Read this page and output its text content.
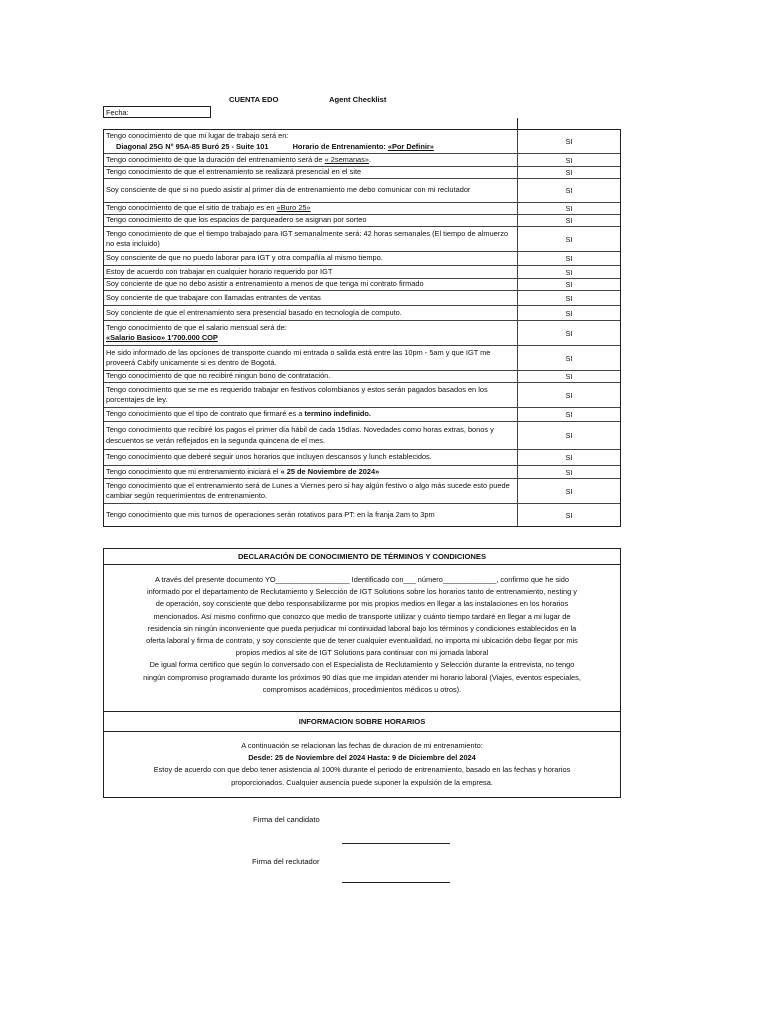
CUENTA EDO	Agent Checklist
Fecha:
Tengo conocimiento de que mi lugar de trabajo será en:
Diagonal 25G N° 95A-85 Buró 25 - Suite 101	Horario de Entrenamiento: «Por Definir»	SI
Tengo conocimiento de que la duración del entrenamiento será de « 2semanas».	SI
Tengo conocimiento de que el entrenamiento se realizará presencial en el site	SI
Soy consciente de que si no puedo asistir al primer dia de entrenamiento me debo comunicar con mi reclutador	SI
Tengo conocimiento de que el sitio de trabajo es en «Buro 25»	SI
Tengo conocimiento de que los espacios de parqueadero se asignan por sorteo	SI
Tengo conocimiento de que el tiempo trabajado para IGT semanalmente será: 42 horas semanales (El tiempo de almuerzo no esta incluido)	SI
Soy consciente de que no puedo laborar para IGT y otra compañía al mismo tiempo.	SI
Estoy de acuerdo con trabajar en cualquier horario requerido por IGT	SI
Soy conciente de que no debo asistir a entrenamiento a menos de que tenga mi contrato firmado	SI
Soy conciente de que trabajare con llamadas entrantes de ventas	SI
Soy conciente de que el entrenamiento sera presencial basado en tecnología de computo.	SI
Tengo conocimiento de que el salario mensual será de:
«Salario Basico» 1'700.000 COP	SI
He sido informado de las opciones de transporte cuando mi entrada o salida está entre las 10pm - 5am y que IGT me proveerá Cabify unicamente si es dentro de Bogotá.	SI
Tengo conocimiento de que no recibiré ningun bono de contratación.	SI
Tengo conocimiento que se me es requerido trabajar en festivos colombianos y estos serán pagados basados en los porcentajes de ley.	SI
Tengo conocimiento que el tipo de contrato que firmaré es a termino indefinido.	SI
Tengo conocimiento que recibiré los pagos el primer día hábil de cada 15días. Novedades como horas extras, bonos y descuentos se verán reflejados en la segunda quincena de el mes.	SI
Tengo conocimiento que deberé seguir unos horarios que incluyen descansos y lunch establecidos.	SI
Tengo conocimiento que mi entrenamiento iniciará el « 25 de Noviembre de 2024»	SI
Tengo conocimiento que el entrenamiento será de Lunes a Viernes pero si hay algún festivo o algo más sucede esto puede cambiar según requerimientos de entrenamiento.	SI
Tengo conocimiento que mis turnos de operaciones serán rotativos para PT: en la franja 2am to 3pm	SI
DECLARACIÓN DE CONOCIMIENTO DE TÉRMINOS Y CONDICIONES
A través del presente documento YO__________________ Identificado con___ número_____________, confirmo que he sido
informado por el departamento de Reclutamiento y Selección de IGT Solutions sobre los horarios tanto de entrenamiento, nesting y
de operación, soy consciente que debo responsabilizarme por mis propios medios en llegar a las instalaciones en los horarios
mencionados. Así mismo confirmo que conozco que medio de transporte utilizar y cuánto tiempo tardaré en llegar a mi lugar de
residencia sin ningún inconveniente que pueda perjudicar mi continuidad laboral bajo los términos y condiciones establecidos en la
oferta laboral y firma de contrato, y soy consciente que de tener cualquier eventualidad, no importa mi ubicación debo llegar por mis
propios medios al site de IGT Solutions para continuar con mi jornada laboral
De igual forma certifico que según lo conversado con el Especialista de Reclutamiento y Selección durante la entrevista, no tengo
ningún compromiso programado durante los próximos 90 días que me impidan atender mi horario laboral (Viajes, eventos especiales,
compromisos académicos, procedimientos médicos u otros).
INFORMACION SOBRE HORARIOS
A continuación se relacionan las fechas de duracion de mi entrenamiento:
Desde: 25 de Noviembre del 2024 Hasta: 9 de Diciembre del 2024
Estoy de acuerdo con que debo tener asistencia al 100% durante el periodo de entrenamiento, basado en las fechas y horarios
proporcionados. Cualquier ausencia puede suponer la expulsión de la empresa.
Firma del candidato
Firma del reclutador
